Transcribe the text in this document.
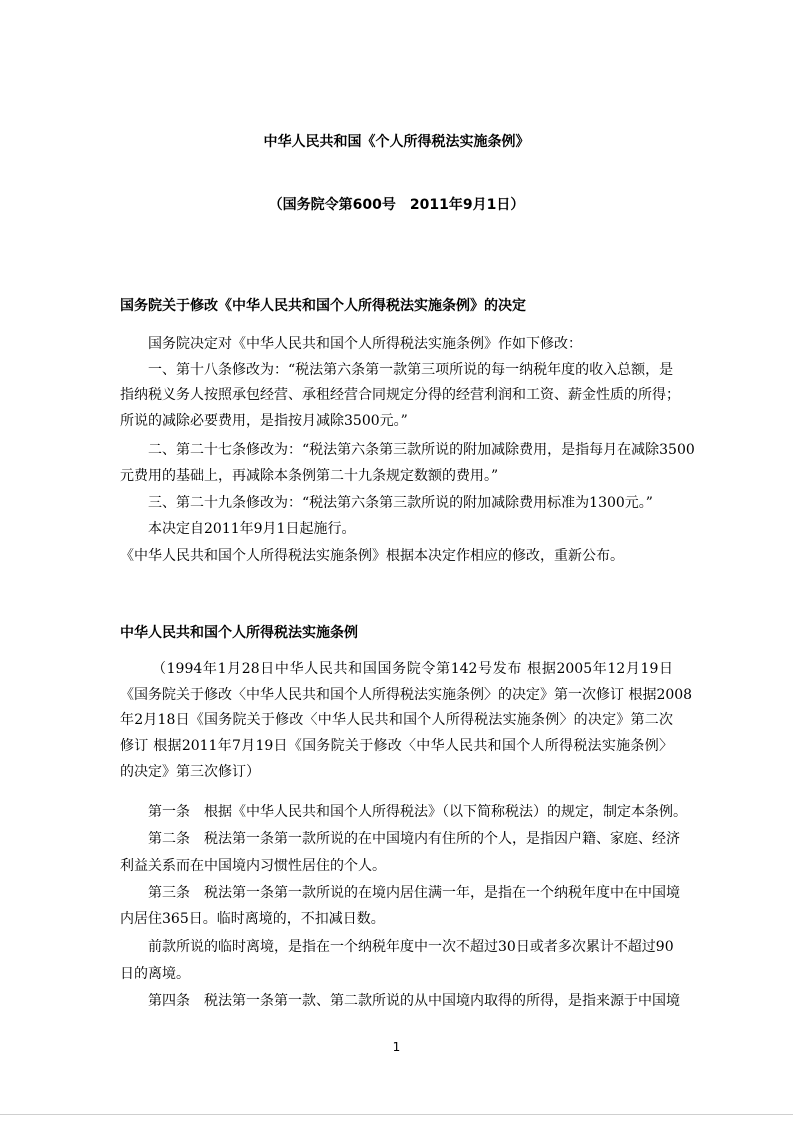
中华人民共和国《个人所得税法实施条例》
（国务院令第600号　2011年9月1日）
国务院关于修改《中华人民共和国个人所得税法实施条例》的决定
国务院决定对《中华人民共和国个人所得税法实施条例》作如下修改：
一、第十八条修改为：“税法第六条第一款第三项所说的每一纳税年度的收入总额，是
指纳税义务人按照承包经营、承租经营合同规定分得的经营利润和工资、薪金性质的所得；
所说的减除必要费用，是指按月减除3500元。”
二、第二十七条修改为：“税法第六条第三款所说的附加减除费用，是指每月在减除3500
元费用的基础上，再减除本条例第二十九条规定数额的费用。”
三、第二十九条修改为：“税法第六条第三款所说的附加减除费用标准为1300元。”
本决定自2011年9月1日起施行。
《中华人民共和国个人所得税法实施条例》根据本决定作相应的修改，重新公布。
中华人民共和国个人所得税法实施条例
（1994年1月28日中华人民共和国国务院令第142号发布 根据2005年12月19日
《国务院关于修改〈中华人民共和国个人所得税法实施条例〉的决定》第一次修订 根据2008
年2月18日《国务院关于修改〈中华人民共和国个人所得税法实施条例〉的决定》第二次
修订 根据2011年7月19日《国务院关于修改〈中华人民共和国个人所得税法实施条例〉
的决定》第三次修订）
第一条　根据《中华人民共和国个人所得税法》（以下简称税法）的规定，制定本条例。
第二条　税法第一条第一款所说的在中国境内有住所的个人，是指因户籍、家庭、经济
利益关系而在中国境内习惯性居住的个人。
第三条　税法第一条第一款所说的在境内居住满一年，是指在一个纳税年度中在中国境
内居住365日。临时离境的，不扣减日数。
前款所说的临时离境，是指在一个纳税年度中一次不超过30日或者多次累计不超过90
日的离境。
第四条　税法第一条第一款、第二款所说的从中国境内取得的所得，是指来源于中国境
1
